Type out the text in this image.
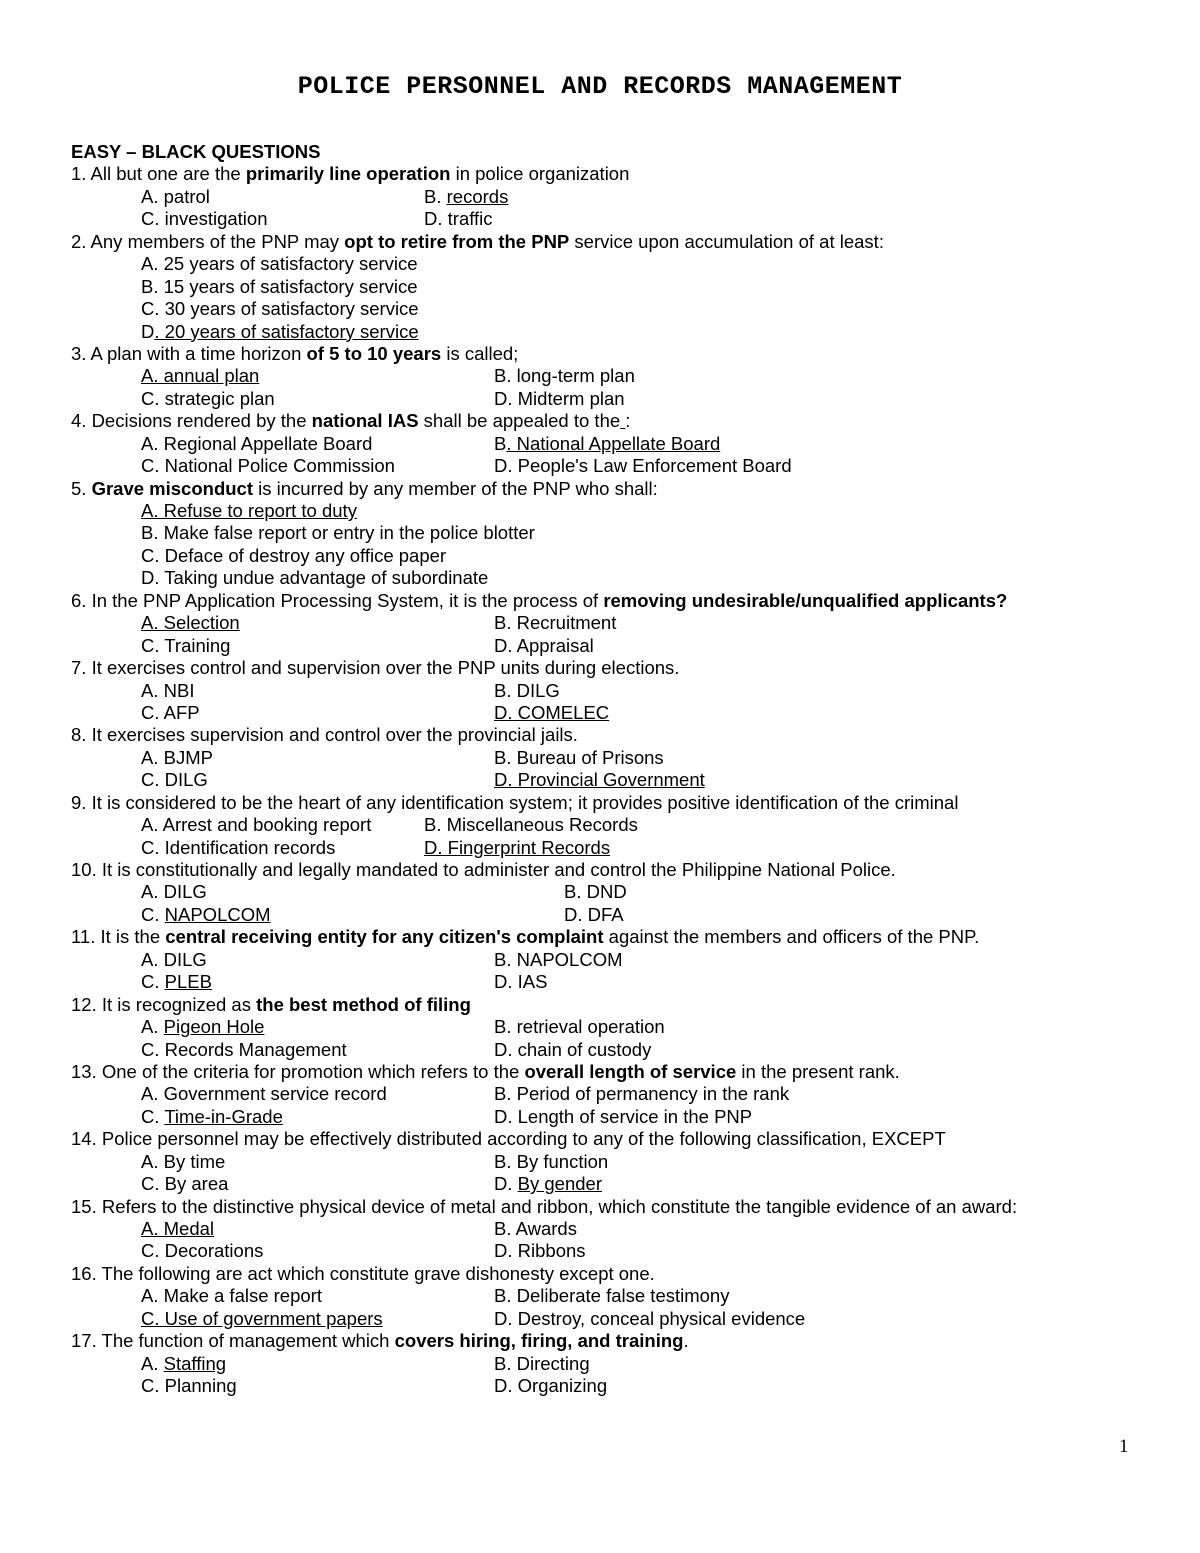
POLICE PERSONNEL AND RECORDS MANAGEMENT
EASY – BLACK QUESTIONS
1. All but one are the primarily line operation in police organization
A. patrol	B. records
C. investigation	D. traffic
2. Any members of the PNP may opt to retire from the PNP service upon accumulation of at least:
A. 25 years of satisfactory service
B. 15 years of satisfactory service
C. 30 years of satisfactory service
D. 20 years of satisfactory service
3. A plan with a time horizon of 5 to 10 years is called;
A. annual plan	B. long-term plan
C. strategic plan	D. Midterm plan
4. Decisions rendered by the national IAS shall be appealed to the :
A. Regional Appellate Board	B. National Appellate Board
C. National Police Commission	D. People's Law Enforcement Board
5. Grave misconduct is incurred by any member of the PNP who shall:
A. Refuse to report to duty
B. Make false report or entry in the police blotter
C. Deface of destroy any office paper
D. Taking undue advantage of subordinate
6. In the PNP Application Processing System, it is the process of removing undesirable/unqualified applicants?
A. Selection	B. Recruitment
C. Training	D. Appraisal
7. It exercises control and supervision over the PNP units during elections.
A. NBI	B. DILG
C. AFP	D. COMELEC
8. It exercises supervision and control over the provincial jails.
A. BJMP	B. Bureau of Prisons
C. DILG	D. Provincial Government
9. It is considered to be the heart of any identification system; it provides positive identification of the criminal
A. Arrest and booking report	B. Miscellaneous Records
C. Identification records	D. Fingerprint Records
10. It is constitutionally and legally mandated to administer and control the Philippine National Police.
A. DILG	B. DND
C. NAPOLCOM	D. DFA
11. It is the central receiving entity for any citizen's complaint against the members and officers of the PNP.
A. DILG	B. NAPOLCOM
C. PLEB	D. IAS
12. It is recognized as the best method of filing
A. Pigeon Hole	B. retrieval operation
C. Records Management	D. chain of custody
13. One of the criteria for promotion which refers to the overall length of service in the present rank.
A. Government service record	B. Period of permanency in the rank
C. Time-in-Grade	D. Length of service in the PNP
14. Police personnel may be effectively distributed according to any of the following classification, EXCEPT
A. By time	B. By function
C. By area	D. By gender
15. Refers to the distinctive physical device of metal and ribbon, which constitute the tangible evidence of an award:
A. Medal	B. Awards
C. Decorations	D. Ribbons
16. The following are act which constitute grave dishonesty except one.
A. Make a false report	B. Deliberate false testimony
C. Use of government papers	D. Destroy, conceal physical evidence
17. The function of management which covers hiring, firing, and training.
A. Staffing	B. Directing
C. Planning	D. Organizing
1
